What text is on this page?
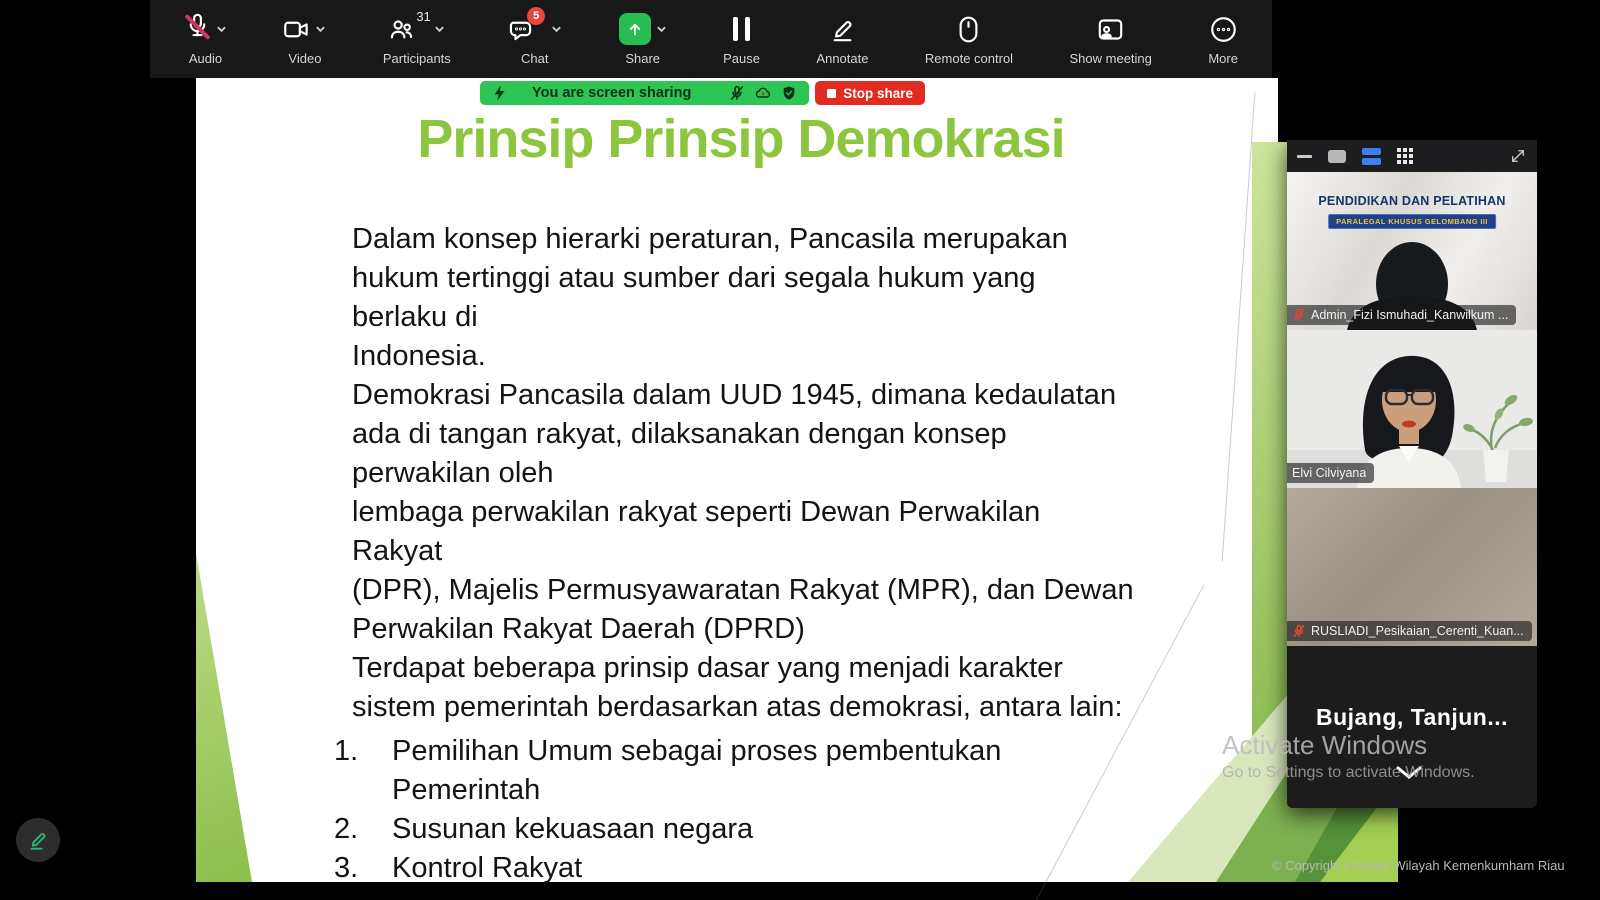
Prinsip Prinsip Demokrasi
Dalam konsep hierarki peraturan, Pancasila merupakan
hukum tertinggi atau sumber dari segala hukum yang
berlaku di
Indonesia.
Demokrasi Pancasila dalam UUD 1945, dimana kedaulatan
ada di tangan rakyat, dilaksanakan dengan konsep
perwakilan oleh
lembaga perwakilan rakyat seperti Dewan Perwakilan
Rakyat
(DPR), Majelis Permusyawaratan Rakyat (MPR), dan Dewan
Perwakilan Rakyat Daerah (DPRD)
Terdapat beberapa prinsip dasar yang menjadi karakter
sistem pemerintah berdasarkan atas demokrasi, antara lain:
1.	Pemilihan Umum sebagai proses pembentukan
Pemerintah
2.	Susunan kekuasaan negara
3.	Kontrol Rakyat
Audio	Video
31
Participants
5
Chat	Share	Pause	Annotate	Remote control	Show meeting	More
You are screen sharing	Stop share
PENDIDIKAN DAN PELATIHAN
PARALEGAL KHUSUS GELOMBANG III
Admin_Fizi Ismuhadi_Kanwilkum ...
Elvi Cilviyana
RUSLIADI_Pesikaian_Cerenti_Kuan...
Bujang, Tanjun...
Activate Windows
Go to Settings to activate Windows.
© Copyright | Kantor Wilayah Kemenkumham Riau
